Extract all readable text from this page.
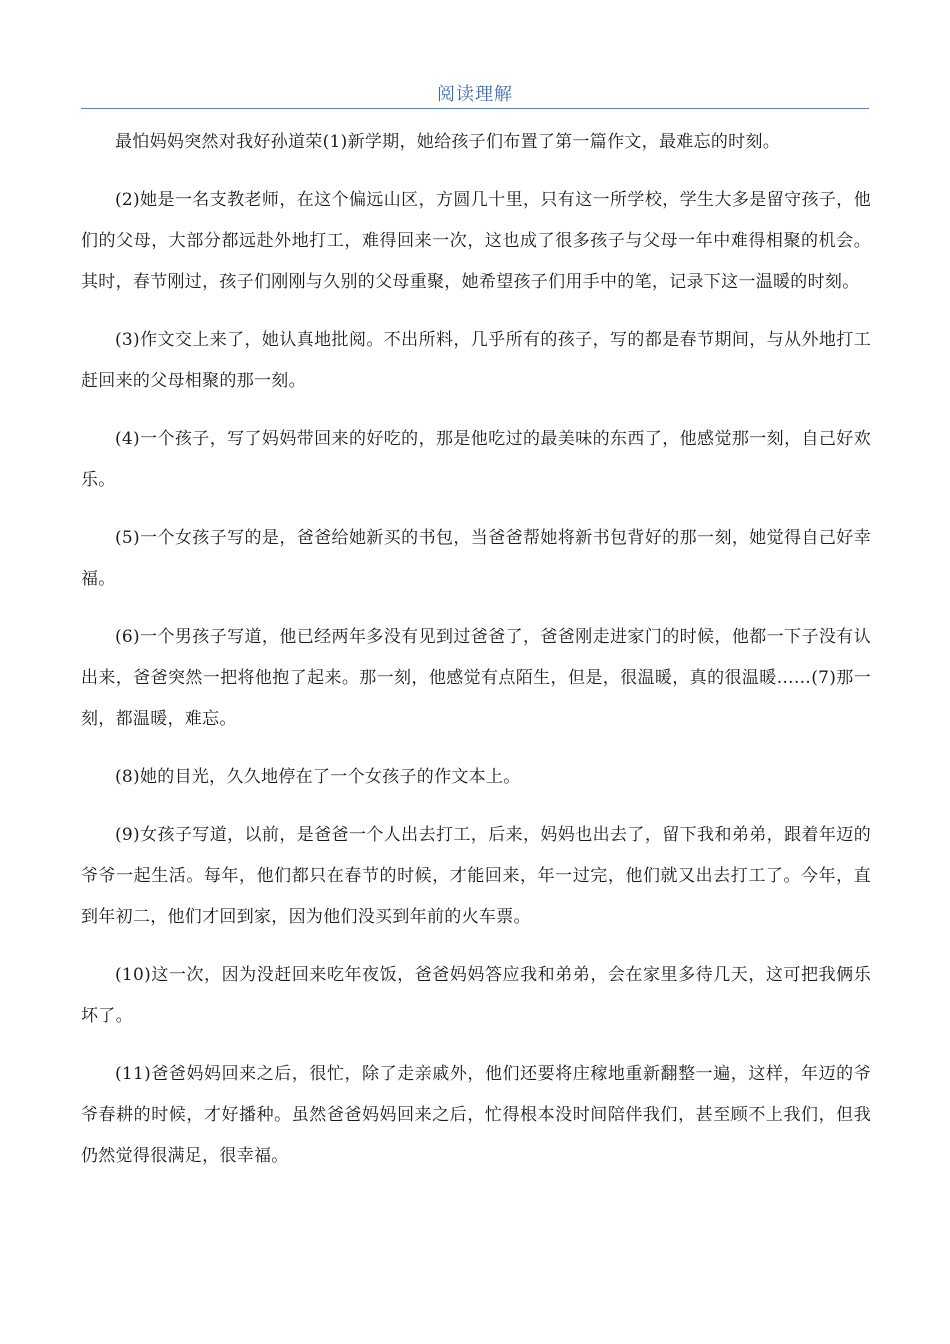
阅读理解

最怕妈妈突然对我好孙道荣(1)新学期，她给孩子们布置了第一篇作文，最难忘的时刻。

(2)她是一名支教老师，在这个偏远山区，方圆几十里，只有这一所学校，学生大多是留守孩子，他们的父母，大部分都远赴外地打工，难得回来一次，这也成了很多孩子与父母一年中难得相聚的机会。其时，春节刚过，孩子们刚刚与久别的父母重聚，她希望孩子们用手中的笔，记录下这一温暖的时刻。

(3)作文交上来了，她认真地批阅。不出所料，几乎所有的孩子，写的都是春节期间，与从外地打工赶回来的父母相聚的那一刻。

(4)一个孩子，写了妈妈带回来的好吃的，那是他吃过的最美味的东西了，他感觉那一刻，自己好欢乐。

(5)一个女孩子写的是，爸爸给她新买的书包，当爸爸帮她将新书包背好的那一刻，她觉得自己好幸福。

(6)一个男孩子写道，他已经两年多没有见到过爸爸了，爸爸刚走进家门的时候，他都一下子没有认出来，爸爸突然一把将他抱了起来。那一刻，他感觉有点陌生，但是，很温暖，真的很温暖……(7)那一刻，都温暖，难忘。

(8)她的目光，久久地停在了一个女孩子的作文本上。

(9)女孩子写道，以前，是爸爸一个人出去打工，后来，妈妈也出去了，留下我和弟弟，跟着年迈的爷爷一起生活。每年，他们都只在春节的时候，才能回来，年一过完，他们就又出去打工了。今年，直到年初二，他们才回到家，因为他们没买到年前的火车票。

(10)这一次，因为没赶回来吃年夜饭，爸爸妈妈答应我和弟弟，会在家里多待几天，这可把我俩乐坏了。

(11)爸爸妈妈回来之后，很忙，除了走亲戚外，他们还要将庄稼地重新翻整一遍，这样，年迈的爷爷春耕的时候，才好播种。虽然爸爸妈妈回来之后，忙得根本没时间陪伴我们，甚至顾不上我们，但我仍然觉得很满足，很幸福。
